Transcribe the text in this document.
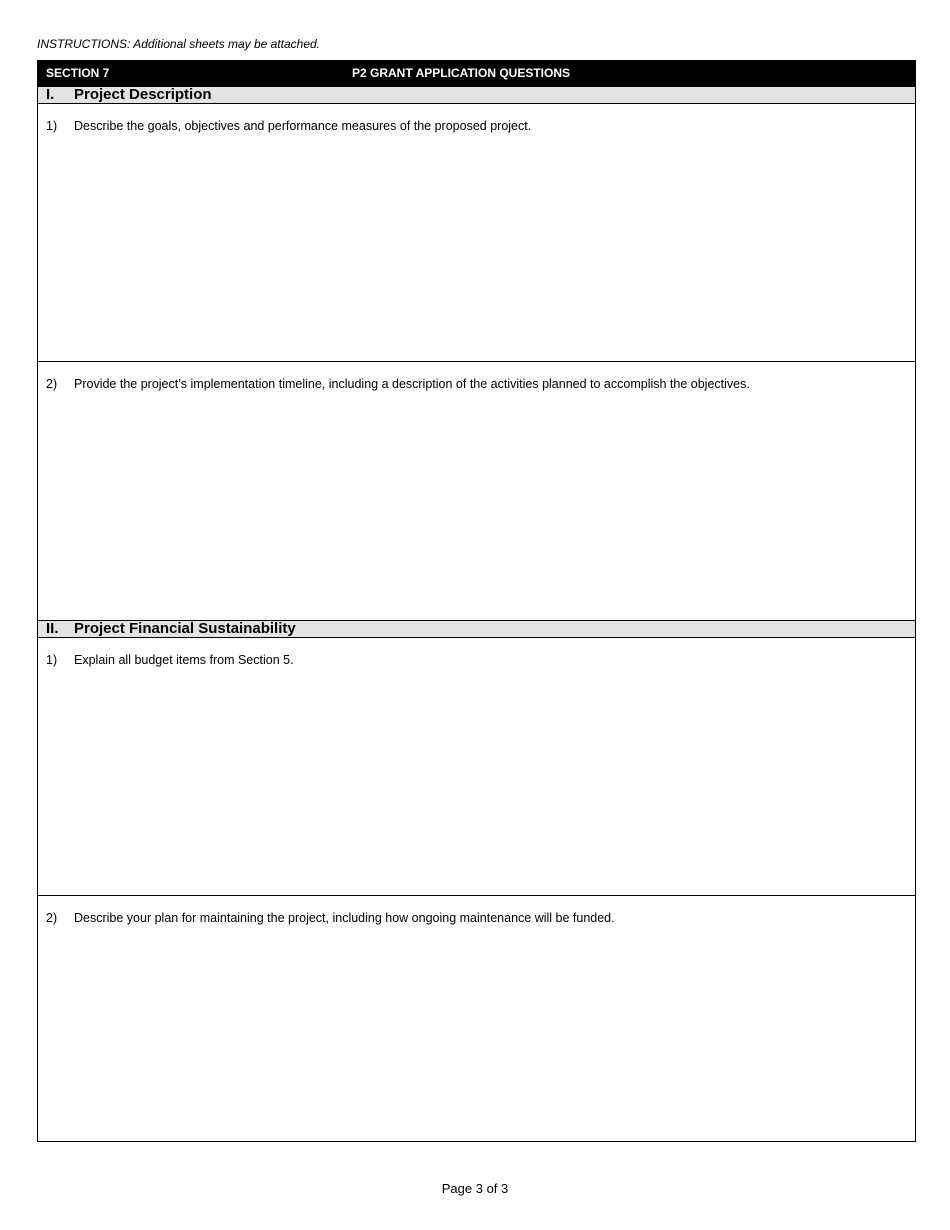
INSTRUCTIONS: Additional sheets may be attached.
SECTION 7	P2 GRANT APPLICATION QUESTIONS
I. Project Description
1) Describe the goals, objectives and performance measures of the proposed project.
2) Provide the project’s implementation timeline, including a description of the activities planned to accomplish the objectives.
II. Project Financial Sustainability
1) Explain all budget items from Section 5.
2) Describe your plan for maintaining the project, including how ongoing maintenance will be funded.
Page 3 of 3
